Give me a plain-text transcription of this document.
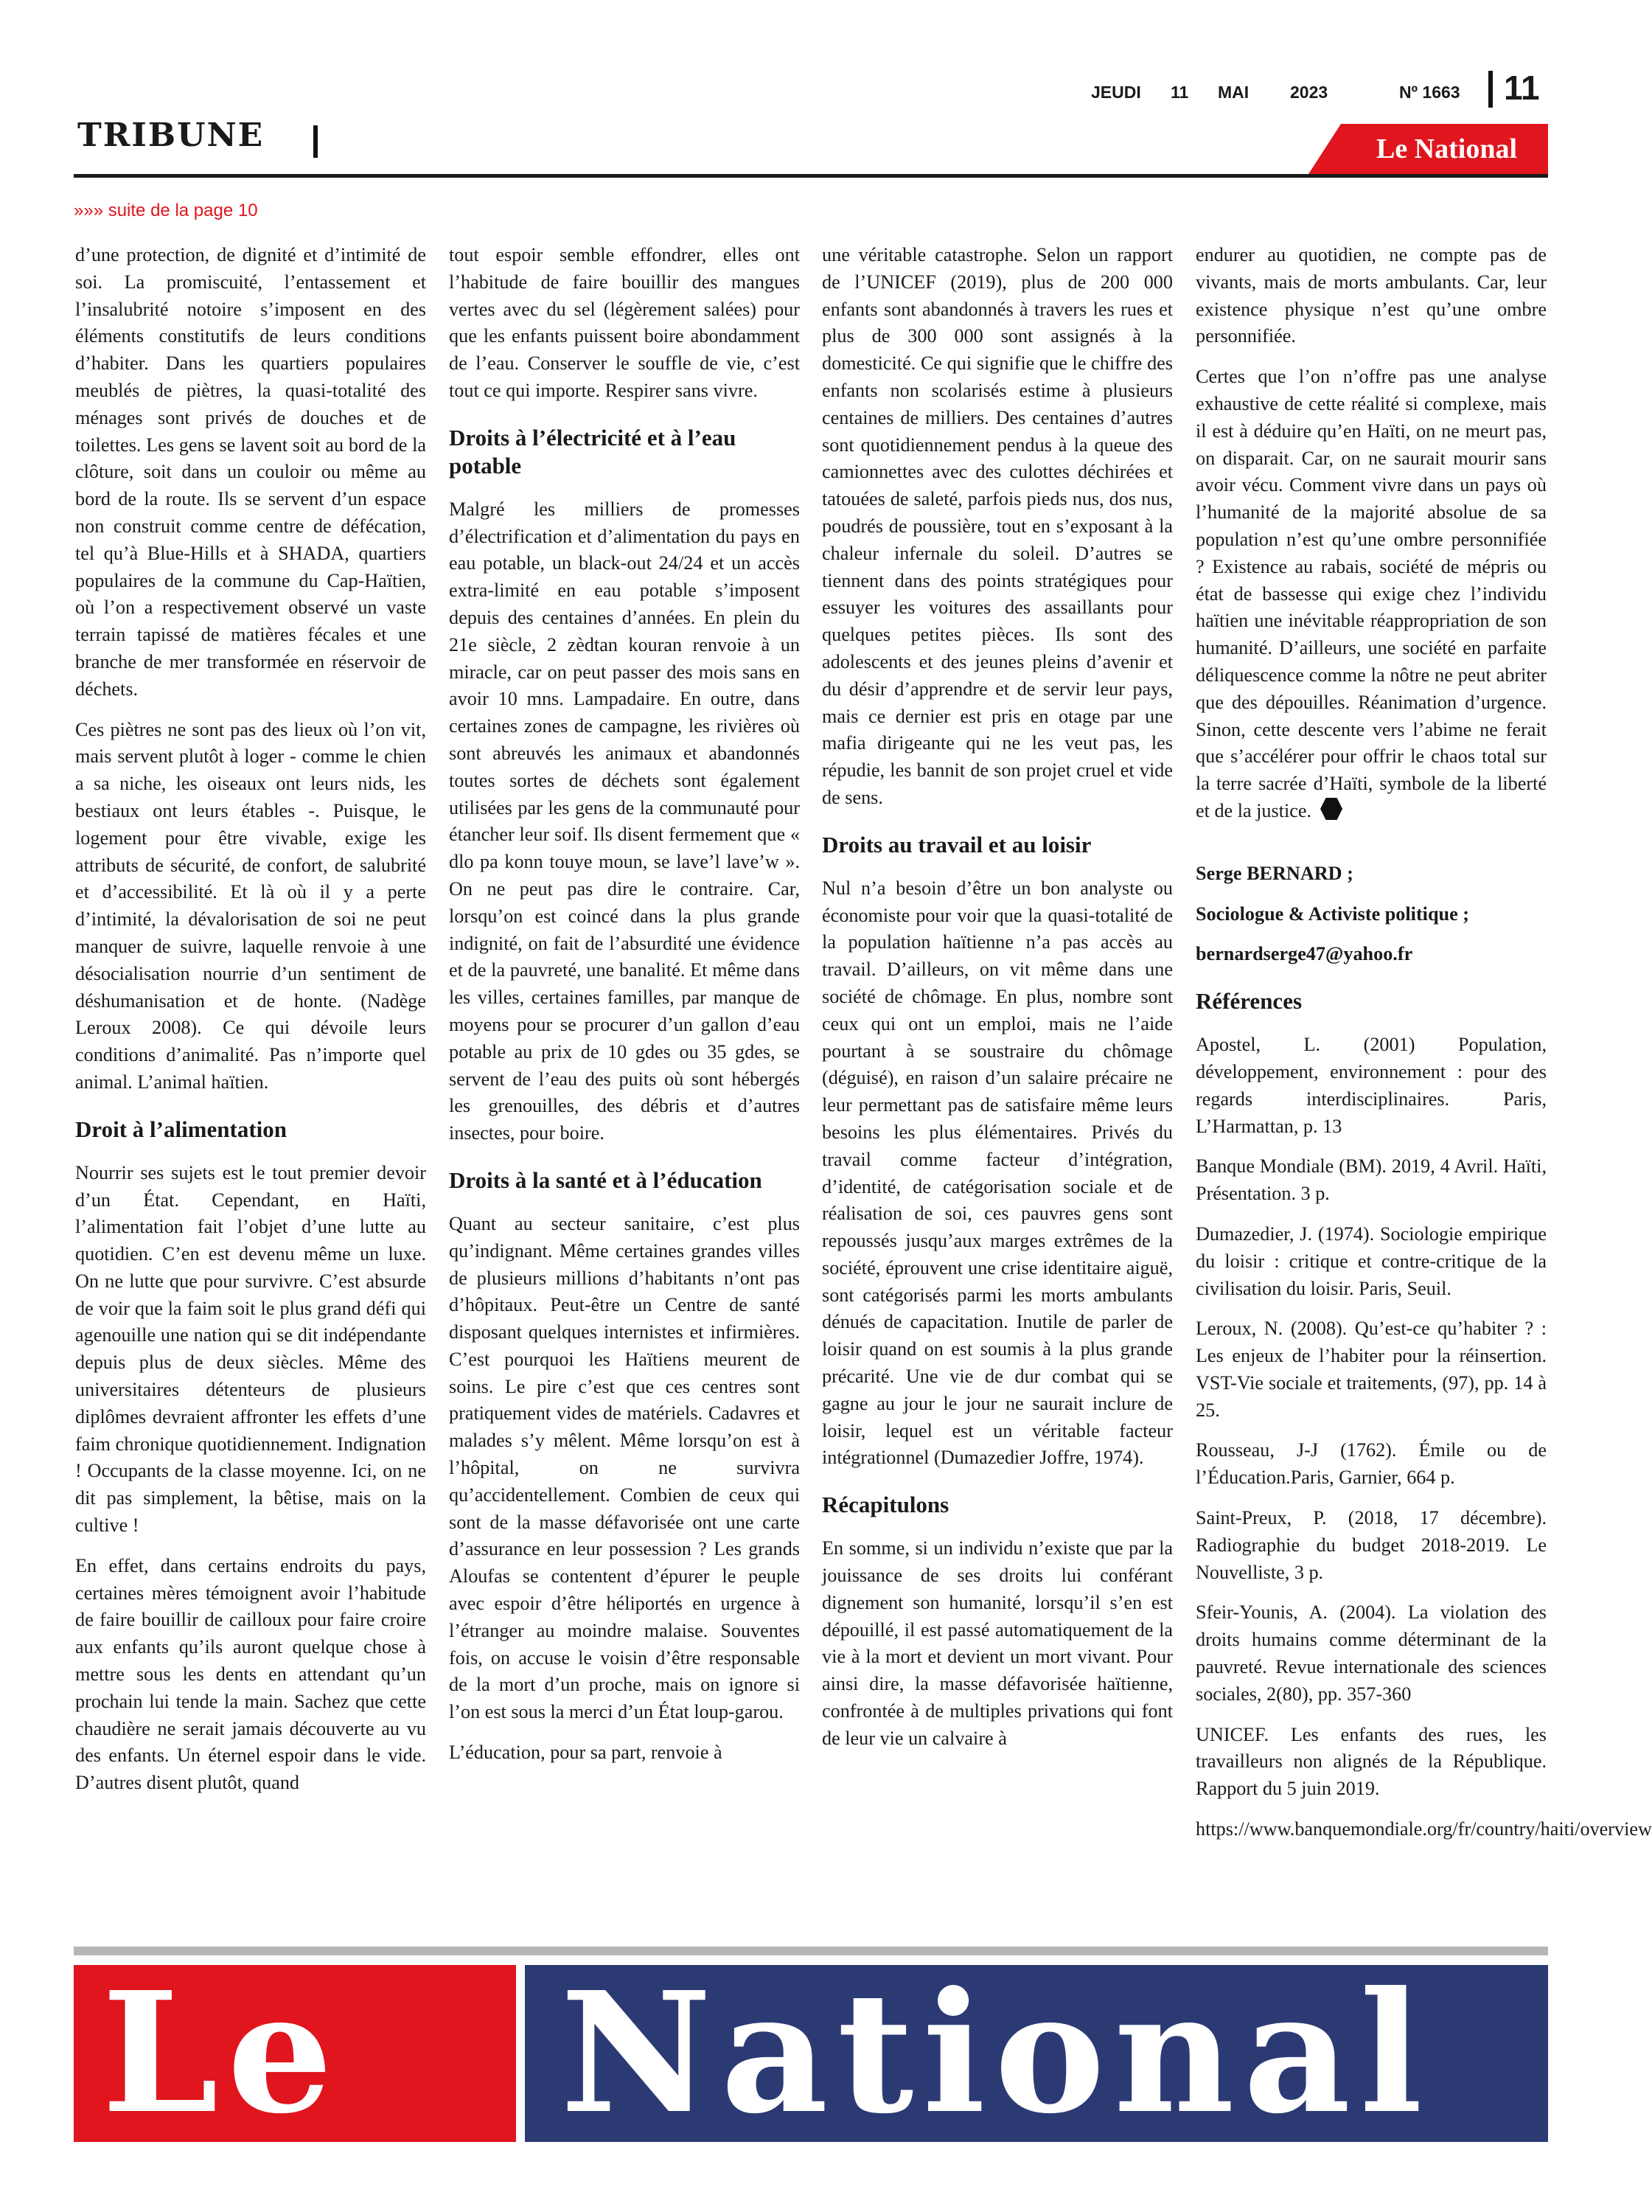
JEUDI 11 MAI 2023	Nº 1663 11
TRIBUNE	Le National
»»» suite de la page 10

d’une protection, de dignité et d’intimité de soi. La promiscuité, l’entassement et l’insalubrité notoire s’imposent en des éléments constitutifs de leurs conditions d’habiter. Dans les quartiers populaires meublés de piètres, la quasi-totalité des ménages sont privés de douches et de toilettes. Les gens se lavent soit au bord de la clôture, soit dans un couloir ou même au bord de la route. Ils se servent d’un espace non construit comme centre de défécation, tel qu’à Blue-Hills et à SHADA, quartiers populaires de la commune du Cap-Haïtien, où l’on a respectivement observé un vaste terrain tapissé de matières fécales et une branche de mer transformée en réservoir de déchets.

Ces piètres ne sont pas des lieux où l’on vit, mais servent plutôt à loger - comme le chien a sa niche, les oiseaux ont leurs nids, les bestiaux ont leurs étables -. Puisque, le logement pour être vivable, exige les attributs de sécurité, de confort, de salubrité et d’accessibilité. Et là où il y a perte d’intimité, la dévalorisation de soi ne peut manquer de suivre, laquelle renvoie à une désocialisation nourrie d’un sentiment de déshumanisation et de honte. (Nadège Leroux 2008). Ce qui dévoile leurs conditions d’animalité. Pas n’importe quel animal. L’animal haïtien.

Droit à l’alimentation

Nourrir ses sujets est le tout premier devoir d’un État. Cependant, en Haïti, l’alimentation fait l’objet d’une lutte au quotidien. C’en est devenu même un luxe. On ne lutte que pour survivre. C’est absurde de voir que la faim soit le plus grand défi qui agenouille une nation qui se dit indépendante depuis plus de deux siècles. Même des universitaires détenteurs de plusieurs diplômes devraient affronter les effets d’une faim chronique quotidiennement. Indignation ! Occupants de la classe moyenne. Ici, on ne dit pas simplement, la bêtise, mais on la cultive !

En effet, dans certains endroits du pays, certaines mères témoignent avoir l’habitude de faire bouillir de cailloux pour faire croire aux enfants qu’ils auront quelque chose à mettre sous les dents en attendant qu’un prochain lui tende la main. Sachez que cette chaudière ne serait jamais découverte au vu des enfants. Un éternel espoir dans le vide. D’autres disent plutôt, quand

tout espoir semble effondrer, elles ont l’habitude de faire bouillir des mangues vertes avec du sel (légèrement salées) pour que les enfants puissent boire abondamment de l’eau. Conserver le souffle de vie, c’est tout ce qui importe. Respirer sans vivre.

Droits à l’électricité et à l’eau potable

Malgré les milliers de promesses d’électrification et d’alimentation du pays en eau potable, un black-out 24/24 et un accès extra-limité en eau potable s’imposent depuis des centaines d’années. En plein du 21e siècle, 2 zèdtan kouran renvoie à un miracle, car on peut passer des mois sans en avoir 10 mns. Lampadaire. En outre, dans certaines zones de campagne, les rivières où sont abreuvés les animaux et abandonnés toutes sortes de déchets sont également utilisées par les gens de la communauté pour étancher leur soif. Ils disent fermement que « dlo pa konn touye moun, se lave’l lave’w ». On ne peut pas dire le contraire. Car, lorsqu’on est coincé dans la plus grande indignité, on fait de l’absurdité une évidence et de la pauvreté, une banalité. Et même dans les villes, certaines familles, par manque de moyens pour se procurer d’un gallon d’eau potable au prix de 10 gdes ou 35 gdes, se servent de l’eau des puits où sont hébergés les grenouilles, des débris et d’autres insectes, pour boire.

Droits à la santé et à l’éducation

Quant au secteur sanitaire, c’est plus qu’indignant. Même certaines grandes villes de plusieurs millions d’habitants n’ont pas d’hôpitaux. Peut-être un Centre de santé disposant quelques internistes et infirmières. C’est pourquoi les Haïtiens meurent de soins. Le pire c’est que ces centres sont pratiquement vides de matériels. Cadavres et malades s’y mêlent. Même lorsqu’on est à l’hôpital, on ne survivra qu’accidentellement. Combien de ceux qui sont de la masse défavorisée ont une carte d’assurance en leur possession ? Les grands Aloufas se contentent d’épurer le peuple avec espoir d’être héliportés en urgence à l’étranger au moindre malaise. Souventes fois, on accuse le voisin d’être responsable de la mort d’un proche, mais on ignore si l’on est sous la merci d’un État loup-garou.

L’éducation, pour sa part, renvoie à

une véritable catastrophe. Selon un rapport de l’UNICEF (2019), plus de 200 000 enfants sont abandonnés à travers les rues et plus de 300 000 sont assignés à la domesticité. Ce qui signifie que le chiffre des enfants non scolarisés estime à plusieurs centaines de milliers. Des centaines d’autres sont quotidiennement pendus à la queue des camionnettes avec des culottes déchirées et tatouées de saleté, parfois pieds nus, dos nus, poudrés de poussière, tout en s’exposant à la chaleur infernale du soleil. D’autres se tiennent dans des points stratégiques pour essuyer les voitures des assaillants pour quelques petites pièces. Ils sont des adolescents et des jeunes pleins d’avenir et du désir d’apprendre et de servir leur pays, mais ce dernier est pris en otage par une mafia dirigeante qui ne les veut pas, les répudie, les bannit de son projet cruel et vide de sens.

Droits au travail et au loisir

Nul n’a besoin d’être un bon analyste ou économiste pour voir que la quasi-totalité de la population haïtienne n’a pas accès au travail. D’ailleurs, on vit même dans une société de chômage. En plus, nombre sont ceux qui ont un emploi, mais ne l’aide pourtant à se soustraire du chômage (déguisé), en raison d’un salaire précaire ne leur permettant pas de satisfaire même leurs besoins les plus élémentaires. Privés du travail comme facteur d’intégration, d’identité, de catégorisation sociale et de réalisation de soi, ces pauvres gens sont repoussés jusqu’aux marges extrêmes de la société, éprouvent une crise identitaire aiguë, sont catégorisés parmi les morts ambulants dénués de capacitation. Inutile de parler de loisir quand on est soumis à la plus grande précarité. Une vie de dur combat qui se gagne au jour le jour ne saurait inclure de loisir, lequel est un véritable facteur intégrationnel (Dumazedier Joffre, 1974).

Récapitulons

En somme, si un individu n’existe que par la jouissance de ses droits lui conférant dignement son humanité, lorsqu’il s’en est dépouillé, il est passé automatiquement de la vie à la mort et devient un mort vivant. Pour ainsi dire, la masse défavorisée haïtienne, confrontée à de multiples privations qui font de leur vie un calvaire à

endurer au quotidien, ne compte pas de vivants, mais de morts ambulants. Car, leur existence physique n’est qu’une ombre personnifiée.

Certes que l’on n’offre pas une analyse exhaustive de cette réalité si complexe, mais il est à déduire qu’en Haïti, on ne meurt pas, on disparait. Car, on ne saurait mourir sans avoir vécu. Comment vivre dans un pays où l’humanité de la majorité absolue de sa population n’est qu’une ombre personnifiée ? Existence au rabais, société de mépris ou état de bassesse qui exige chez l’individu haïtien une inévitable réappropriation de son humanité. D’ailleurs, une société en parfaite déliquescence comme la nôtre ne peut abriter que des dépouilles. Réanimation d’urgence. Sinon, cette descente vers l’abime ne ferait que s’accélérer pour offrir le chaos total sur la terre sacrée d’Haïti, symbole de la liberté et de la justice.

Serge BERNARD ;

Sociologue & Activiste politique ;

bernardserge47@yahoo.fr

Références

Apostel, L. (2001) Population, développement, environnement : pour des regards interdisciplinaires. Paris, L’Harmattan, p. 13

Banque Mondiale (BM). 2019, 4 Avril. Haïti, Présentation. 3 p.

Dumazedier, J. (1974). Sociologie empirique du loisir : critique et contre-critique de la civilisation du loisir. Paris, Seuil.

Leroux, N. (2008). Qu’est-ce qu’habiter ? : Les enjeux de l’habiter pour la réinsertion. VST-Vie sociale et traitements, (97), pp. 14 à 25.

Rousseau, J-J (1762). Émile ou de l’Éducation.Paris, Garnier, 664 p.

Saint-Preux, P. (2018, 17 décembre). Radiographie du budget 2018-2019. Le Nouvelliste, 3 p.

Sfeir-Younis, A. (2004). La violation des droits humains comme déterminant de la pauvreté. Revue internationale des sciences sociales, 2(80), pp. 357-360

UNICEF. Les enfants des rues, les travailleurs non alignés de la République. Rapport du 5 juin 2019.

https://www.banquemondiale.org/fr/country/haiti/overview

Le National
